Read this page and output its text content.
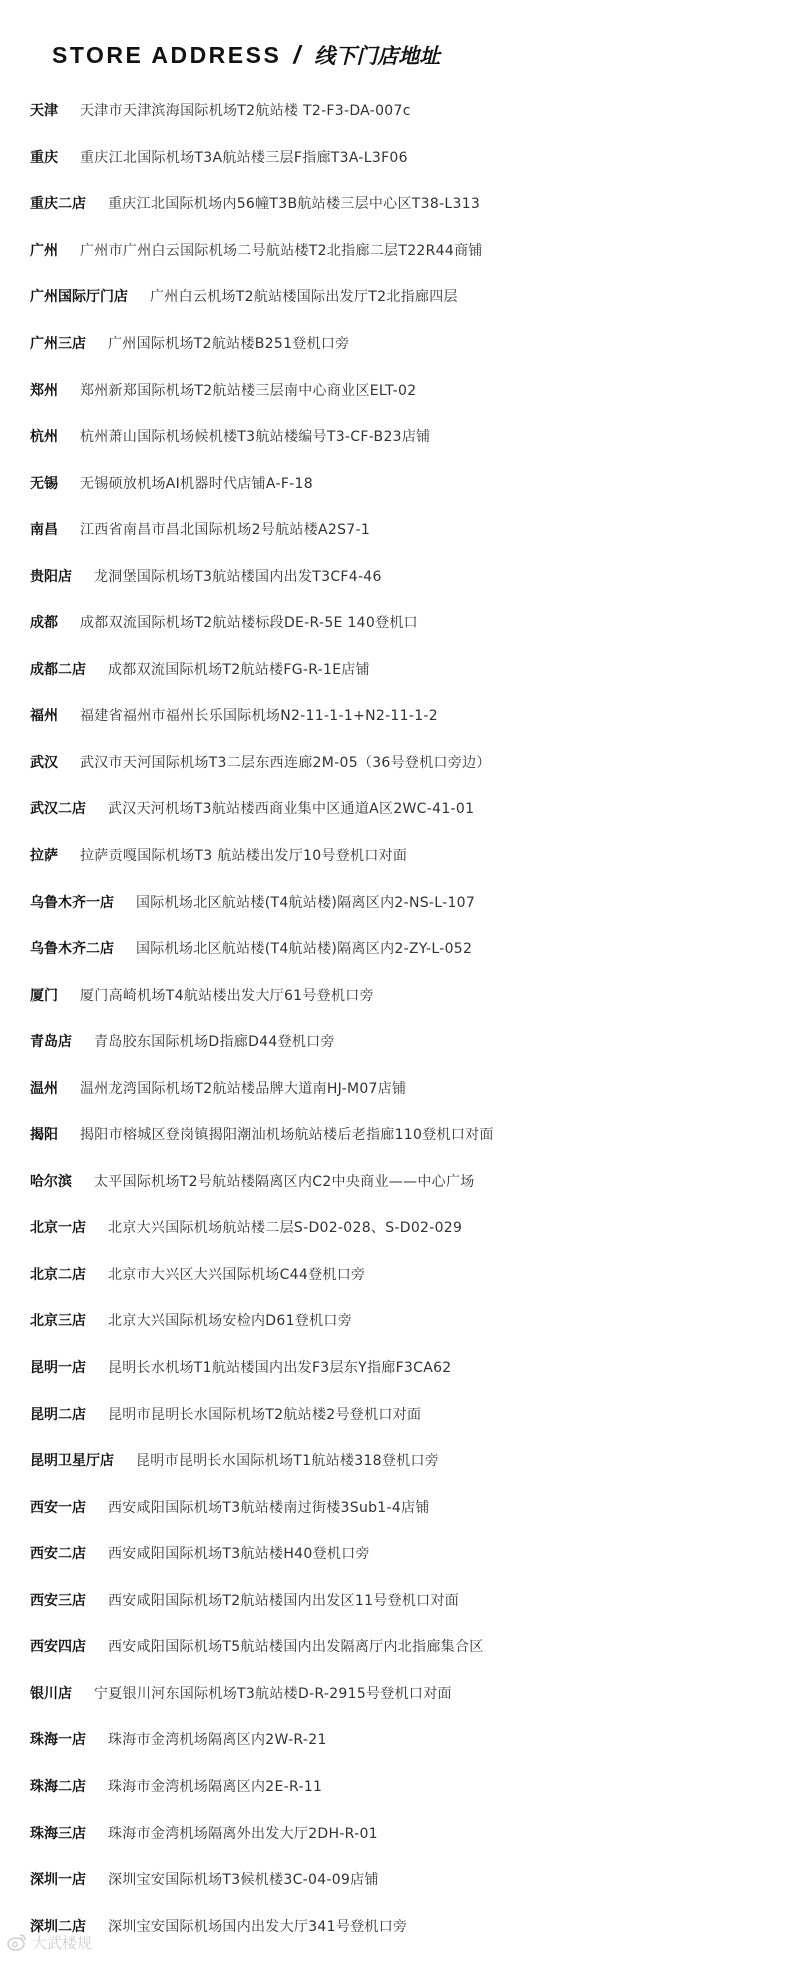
STORE ADDRESS / 线下门店地址
天津 天津市天津滨海国际机场T2航站楼 T2-F3-DA-007c
重庆 重庆江北国际机场T3A航站楼三层F指廊T3A-L3F06
重庆二店 重庆江北国际机场内56幢T3B航站楼三层中心区T38-L313
广州 广州市广州白云国际机场二号航站楼T2北指廊二层T22R44商铺
广州国际厅门店 广州白云机场T2航站楼国际出发厅T2北指廊四层
广州三店 广州国际机场T2航站楼B251登机口旁
郑州 郑州新郑国际机场T2航站楼三层南中心商业区ELT-02
杭州 杭州萧山国际机场候机楼T3航站楼编号T3-CF-B23店铺
无锡 无锡硕放机场AI机器时代店铺A-F-18
南昌 江西省南昌市昌北国际机场2号航站楼A2S7-1
贵阳店 龙洞堡国际机场T3航站楼国内出发T3CF4-46
成都 成都双流国际机场T2航站楼标段DE-R-5E 140登机口
成都二店 成都双流国际机场T2航站楼FG-R-1E店铺
福州 福建省福州市福州长乐国际机场N2-11-1-1+N2-11-1-2
武汉 武汉市天河国际机场T3二层东西连廊2M-05（36号登机口旁边）
武汉二店 武汉天河机场T3航站楼西商业集中区通道A区2WC-41-01
拉萨 拉萨贡嘎国际机场T3 航站楼出发厅10号登机口对面
乌鲁木齐一店 国际机场北区航站楼(T4航站楼)隔离区内2-NS-L-107
乌鲁木齐二店 国际机场北区航站楼(T4航站楼)隔离区内2-ZY-L-052
厦门 厦门高崎机场T4航站楼出发大厅61号登机口旁
青岛店 青岛胶东国际机场D指廊D44登机口旁
温州 温州龙湾国际机场T2航站楼品牌大道南HJ-M07店铺
揭阳 揭阳市榕城区登岗镇揭阳潮汕机场航站楼后老指廊110登机口对面
哈尔滨 太平国际机场T2号航站楼隔离区内C2中央商业——中心广场
北京一店 北京大兴国际机场航站楼二层S-D02-028、S-D02-029
北京二店 北京市大兴区大兴国际机场C44登机口旁
北京三店 北京大兴国际机场安检内D61登机口旁
昆明一店 昆明长水机场T1航站楼国内出发F3层东Y指廊F3CA62
昆明二店 昆明市昆明长水国际机场T2航站楼2号登机口对面
昆明卫星厅店 昆明市昆明长水国际机场T1航站楼318登机口旁
西安一店 西安咸阳国际机场T3航站楼南过街楼3Sub1-4店铺
西安二店 西安咸阳国际机场T3航站楼H40登机口旁
西安三店 西安咸阳国际机场T2航站楼国内出发区11号登机口对面
西安四店 西安咸阳国际机场T5航站楼国内出发隔离厅内北指廊集合区
银川店 宁夏银川河东国际机场T3航站楼D-R-2915号登机口对面
珠海一店 珠海市金湾机场隔离区内2W-R-21
珠海二店 珠海市金湾机场隔离区内2E-R-11
珠海三店 珠海市金湾机场隔离外出发大厅2DH-R-01
深圳一店 深圳宝安国际机场T3候机楼3C-04-09店铺
深圳二店 深圳宝安国际机场国内出发大厅341号登机口旁
大武楼规
